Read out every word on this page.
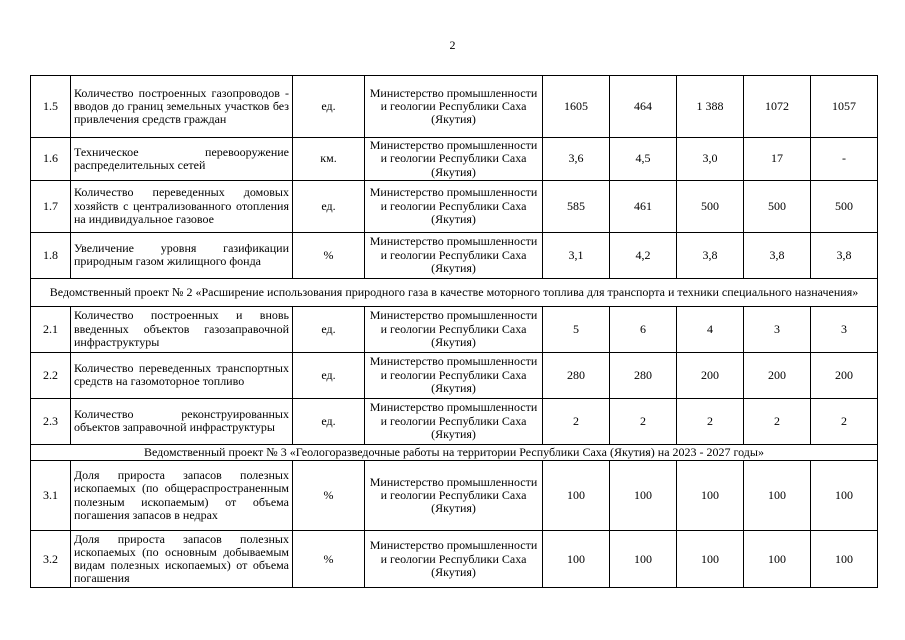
2
1.5	Количество построенных газопроводов - вводов до границ земельных участков без привлечения средств граждан	ед.	Министерство промышленности и геологии Республики Саха (Якутия)	1605	464	1 388	1072	1057
1.6	Техническое перевооружение распределительных сетей	км.	Министерство промышленности и геологии Республики Саха (Якутия)	3,6	4,5	3,0	17	-
1.7	Количество переведенных домовых хозяйств с централизованного отопления на индивидуальное газовое	ед.	Министерство промышленности и геологии Республики Саха (Якутия)	585	461	500	500	500
1.8	Увеличение уровня газификации природным газом жилищного фонда	%	Министерство промышленности и геологии Республики Саха (Якутия)	3,1	4,2	3,8	3,8	3,8
Ведомственный проект № 2 «Расширение использования природного газа в качестве моторного топлива для транспорта и техники специального назначения»								
2.1	Количество построенных и вновь введенных объектов газозаправочной инфраструктуры	ед.	Министерство промышленности и геологии Республики Саха (Якутия)	5	6	4	3	3
2.2	Количество переведенных транспортных средств на газомоторное топливо	ед.	Министерство промышленности и геологии Республики Саха (Якутия)	280	280	200	200	200
2.3	Количество реконструированных объектов заправочной инфраструктуры	ед.	Министерство промышленности и геологии Республики Саха (Якутия)	2	2	2	2	2
Ведомственный проект № 3 «Геологоразведочные работы на территории Республики Саха (Якутия) на 2023 - 2027 годы»								
3.1	Доля прироста запасов полезных ископаемых (по общераспространенным полезным ископаемым) от объема погашения запасов в недрах	%	Министерство промышленности и геологии Республики Саха (Якутия)	100	100	100	100	100
3.2	Доля прироста запасов полезных ископаемых (по основным добываемым видам полезных ископаемых) от объема погашения	%	Министерство промышленности и геологии Республики Саха (Якутия)	100	100	100	100	100
